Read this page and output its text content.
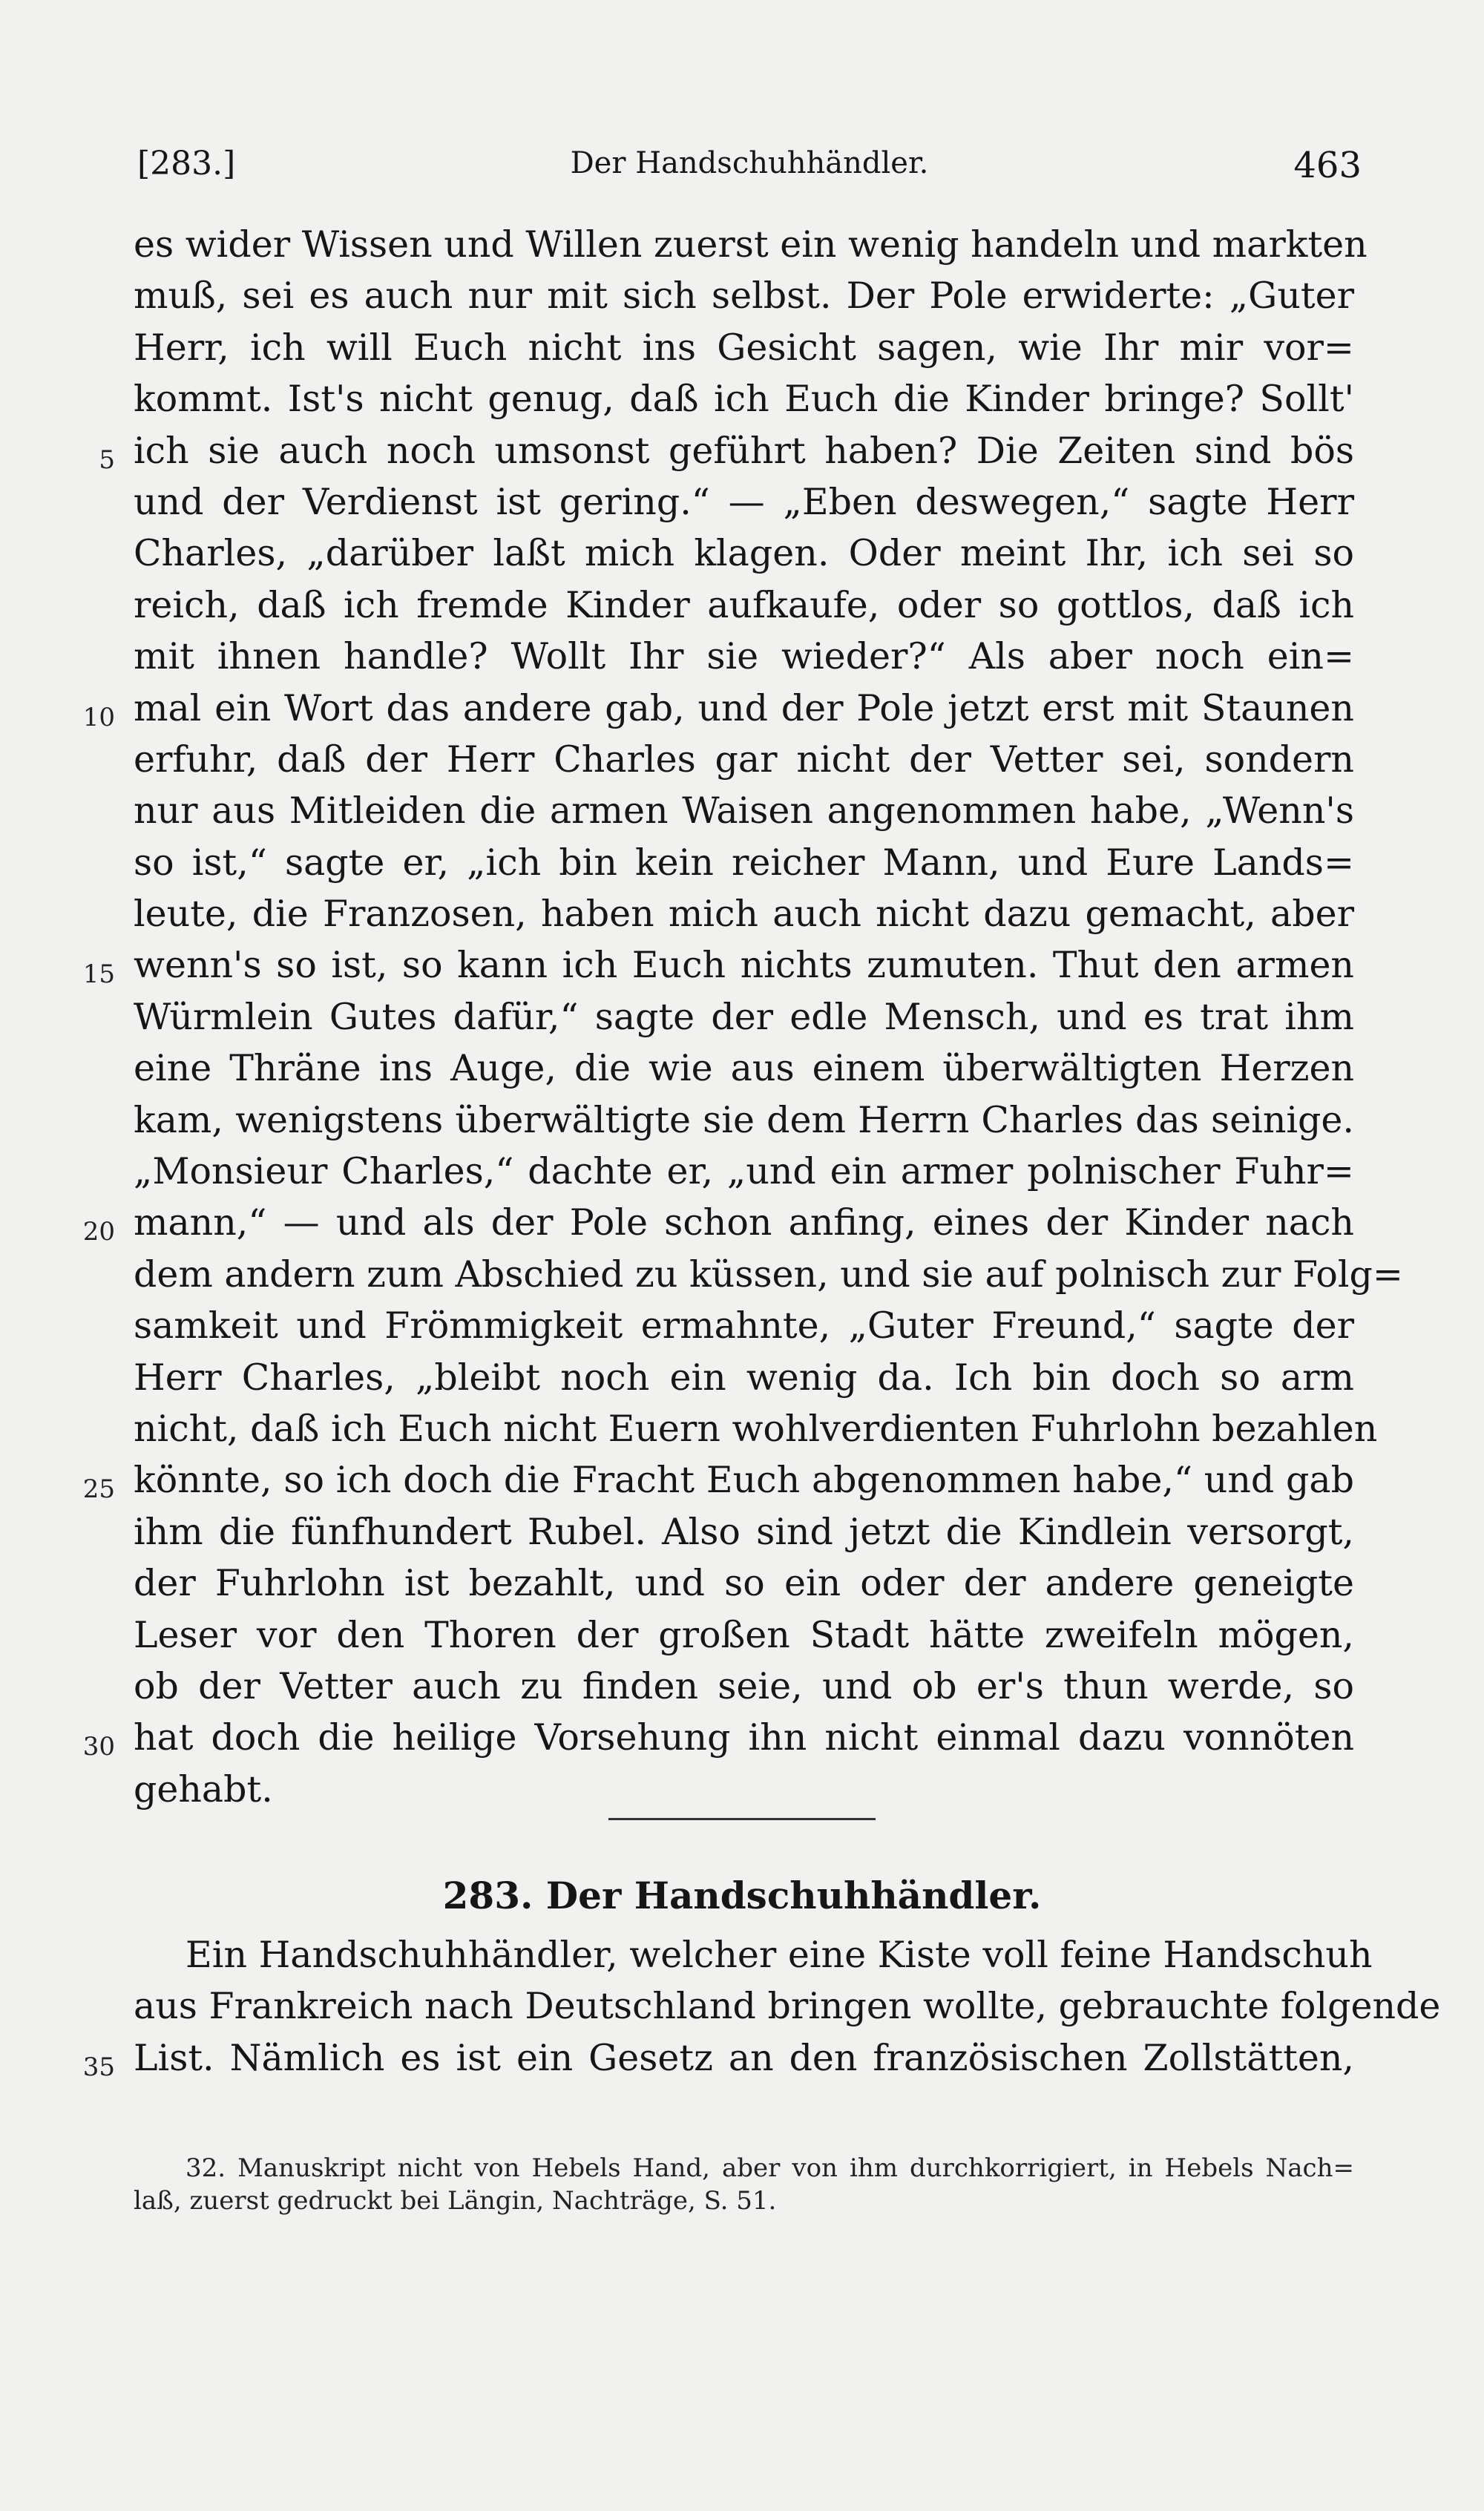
[283.]	Der Handschuhhändler.	463
es wider Wissen und Willen zuerst ein wenig handeln und markten
muß, sei es auch nur mit sich selbst. Der Pole erwiderte: „Guter
Herr, ich will Euch nicht ins Gesicht sagen, wie Ihr mir vor=
kommt. Ist's nicht genug, daß ich Euch die Kinder bringe? Sollt'
5 ich sie auch noch umsonst geführt haben? Die Zeiten sind bös
und der Verdienst ist gering.“ — „Eben deswegen,“ sagte Herr
Charles, „darüber laßt mich klagen. Oder meint Ihr, ich sei so
reich, daß ich fremde Kinder aufkaufe, oder so gottlos, daß ich
mit ihnen handle? Wollt Ihr sie wieder?“ Als aber noch ein=
10 mal ein Wort das andere gab, und der Pole jetzt erst mit Staunen
erfuhr, daß der Herr Charles gar nicht der Vetter sei, sondern
nur aus Mitleiden die armen Waisen angenommen habe, „Wenn's
so ist,“ sagte er, „ich bin kein reicher Mann, und Eure Lands=
leute, die Franzosen, haben mich auch nicht dazu gemacht, aber
15 wenn's so ist, so kann ich Euch nichts zumuten. Thut den armen
Würmlein Gutes dafür,“ sagte der edle Mensch, und es trat ihm
eine Thräne ins Auge, die wie aus einem überwältigten Herzen
kam, wenigstens überwältigte sie dem Herrn Charles das seinige.
„Monsieur Charles,“ dachte er, „und ein armer polnischer Fuhr=
20 mann,“ — und als der Pole schon anfing, eines der Kinder nach
dem andern zum Abschied zu küssen, und sie auf polnisch zur Folg=
samkeit und Frömmigkeit ermahnte, „Guter Freund,“ sagte der
Herr Charles, „bleibt noch ein wenig da. Ich bin doch so arm
nicht, daß ich Euch nicht Euern wohlverdienten Fuhrlohn bezahlen
25 könnte, so ich doch die Fracht Euch abgenommen habe,“ und gab
ihm die fünfhundert Rubel. Also sind jetzt die Kindlein versorgt,
der Fuhrlohn ist bezahlt, und so ein oder der andere geneigte
Leser vor den Thoren der großen Stadt hätte zweifeln mögen,
ob der Vetter auch zu finden seie, und ob er's thun werde, so
30 hat doch die heilige Vorsehung ihn nicht einmal dazu vonnöten
gehabt.
283. Der Handschuhhändler.
Ein Handschuhhändler, welcher eine Kiste voll feine Handschuh
aus Frankreich nach Deutschland bringen wollte, gebrauchte folgende
35 List. Nämlich es ist ein Gesetz an den französischen Zollstätten,
32. Manuskript nicht von Hebels Hand, aber von ihm durchkorrigiert, in Hebels Nach=
laß, zuerst gedruckt bei Längin, Nachträge, S. 51.
